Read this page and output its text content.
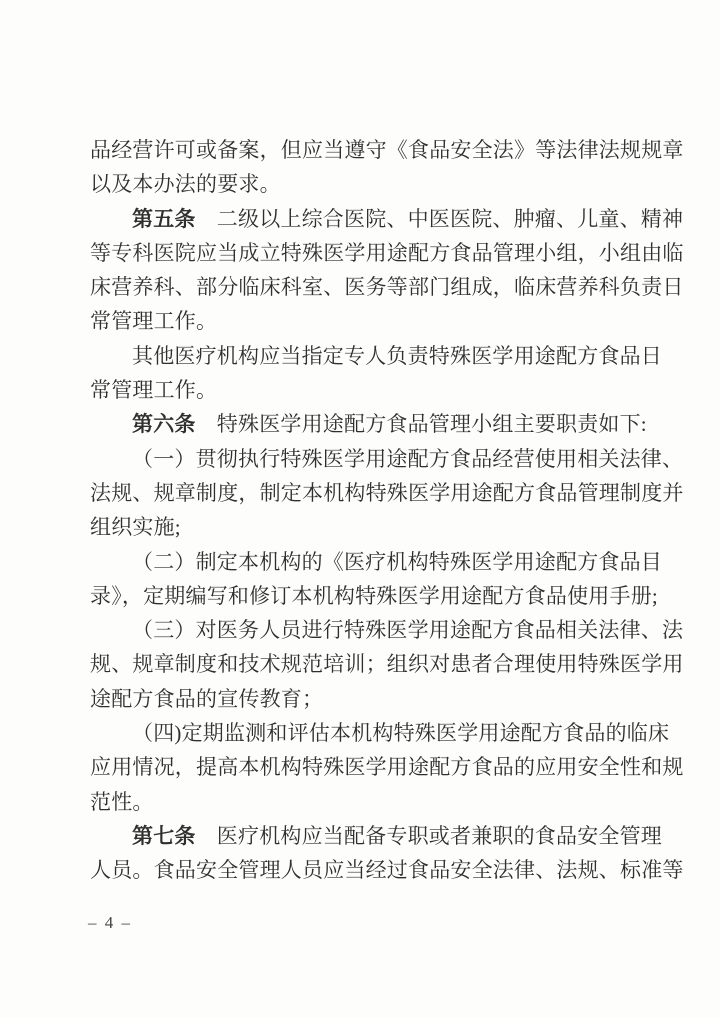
品经营许可或备案，但应当遵守《食品安全法》等法律法规规章
以及本办法的要求。
第五条　二级以上综合医院、中医医院、肿瘤、儿童、精神
等专科医院应当成立特殊医学用途配方食品管理小组，小组由临
床营养科、部分临床科室、医务等部门组成，临床营养科负责日
常管理工作。
其他医疗机构应当指定专人负责特殊医学用途配方食品日
常管理工作。
第六条　特殊医学用途配方食品管理小组主要职责如下:
（一）贯彻执行特殊医学用途配方食品经营使用相关法律、
法规、规章制度，制定本机构特殊医学用途配方食品管理制度并
组织实施;
（二）制定本机构的《医疗机构特殊医学用途配方食品目
录》，定期编写和修订本机构特殊医学用途配方食品使用手册;
（三）对医务人员进行特殊医学用途配方食品相关法律、法
规、规章制度和技术规范培训；组织对患者合理使用特殊医学用
途配方食品的宣传教育；
（四)定期监测和评估本机构特殊医学用途配方食品的临床
应用情况，提高本机构特殊医学用途配方食品的应用安全性和规
范性。
第七条　医疗机构应当配备专职或者兼职的食品安全管理
人员。食品安全管理人员应当经过食品安全法律、法规、标准等
– 4 –
